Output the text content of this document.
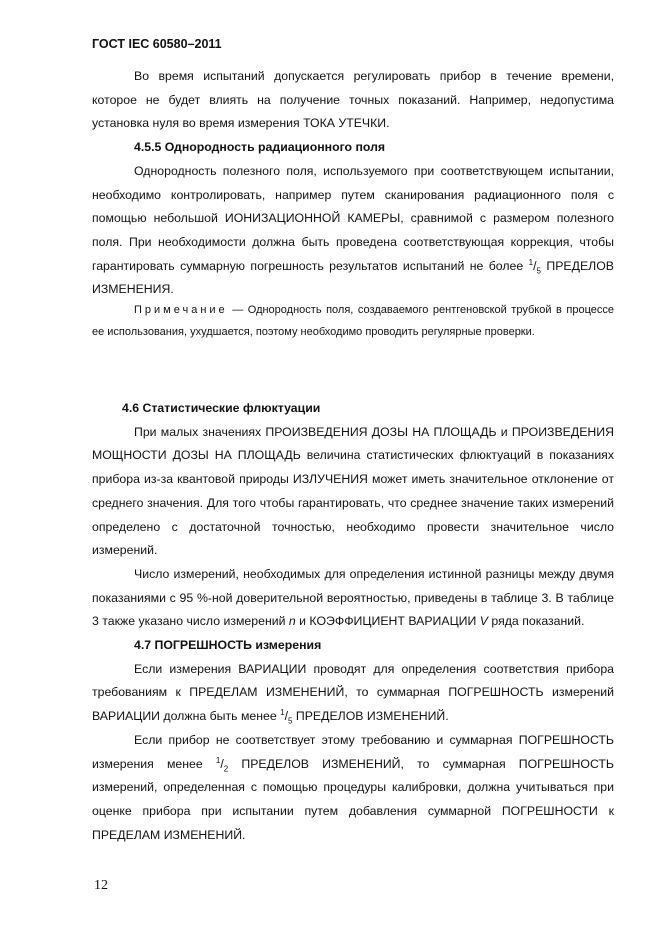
ГОСТ IEC 60580–2011

Во время испытаний допускается регулировать прибор в течение времени, которое не будет влиять на получение точных показаний. Например, недопустима установка нуля во время измерения ТОКА УТЕЧКИ.

4.5.5 Однородность радиационного поля

Однородность полезного поля, используемого при соответствующем испытании, необходимо контролировать, например путем сканирования радиационного поля с помощью небольшой ИОНИЗАЦИОННОЙ КАМЕРЫ, сравнимой с размером полезного поля. При необходимости должна быть проведена соответствующая коррекция, чтобы гарантировать суммарную погрешность результатов испытаний не более $^1/_5$ ПРЕДЕЛОВ ИЗМЕНЕНИЯ.

Примечание — Однородность поля, создаваемого рентгеновской трубкой в процессе ее использования, ухудшается, поэтому необходимо проводить регулярные проверки.

4.6 Статистические флюктуации

При малых значениях ПРОИЗВЕДЕНИЯ ДОЗЫ НА ПЛОЩАДЬ и ПРОИЗВЕДЕНИЯ МОЩНОСТИ ДОЗЫ НА ПЛОЩАДЬ величина статистических флюктуаций в показаниях прибора из-за квантовой природы ИЗЛУЧЕНИЯ может иметь значительное отклонение от среднего значения. Для того чтобы гарантировать, что среднее значение таких измерений определено с достаточной точностью, необходимо провести значительное число измерений.

Число измерений, необходимых для определения истинной разницы между двумя показаниями с 95 %-ной доверительной вероятностью, приведены в таблице 3. В таблице 3 также указано число измерений n и КОЭФФИЦИЕНТ ВАРИАЦИИ V ряда показаний.

4.7 ПОГРЕШНОСТЬ измерения

Если измерения ВАРИАЦИИ проводят для определения соответствия прибора требованиям к ПРЕДЕЛАМ ИЗМЕНЕНИЙ, то суммарная ПОГРЕШНОСТЬ измерений ВАРИАЦИИ должна быть менее $^1/_5$ ПРЕДЕЛОВ ИЗМЕНЕНИЙ.

Если прибор не соответствует этому требованию и суммарная ПОГРЕШНОСТЬ измерения менее $^1/_2$ ПРЕДЕЛОВ ИЗМЕНЕНИЙ, то суммарная ПОГРЕШНОСТЬ измерений, определенная с помощью процедуры калибровки, должна учитываться при оценке прибора при испытании путем добавления суммарной ПОГРЕШНОСТИ к ПРЕДЕЛАМ ИЗМЕНЕНИЙ.

12
